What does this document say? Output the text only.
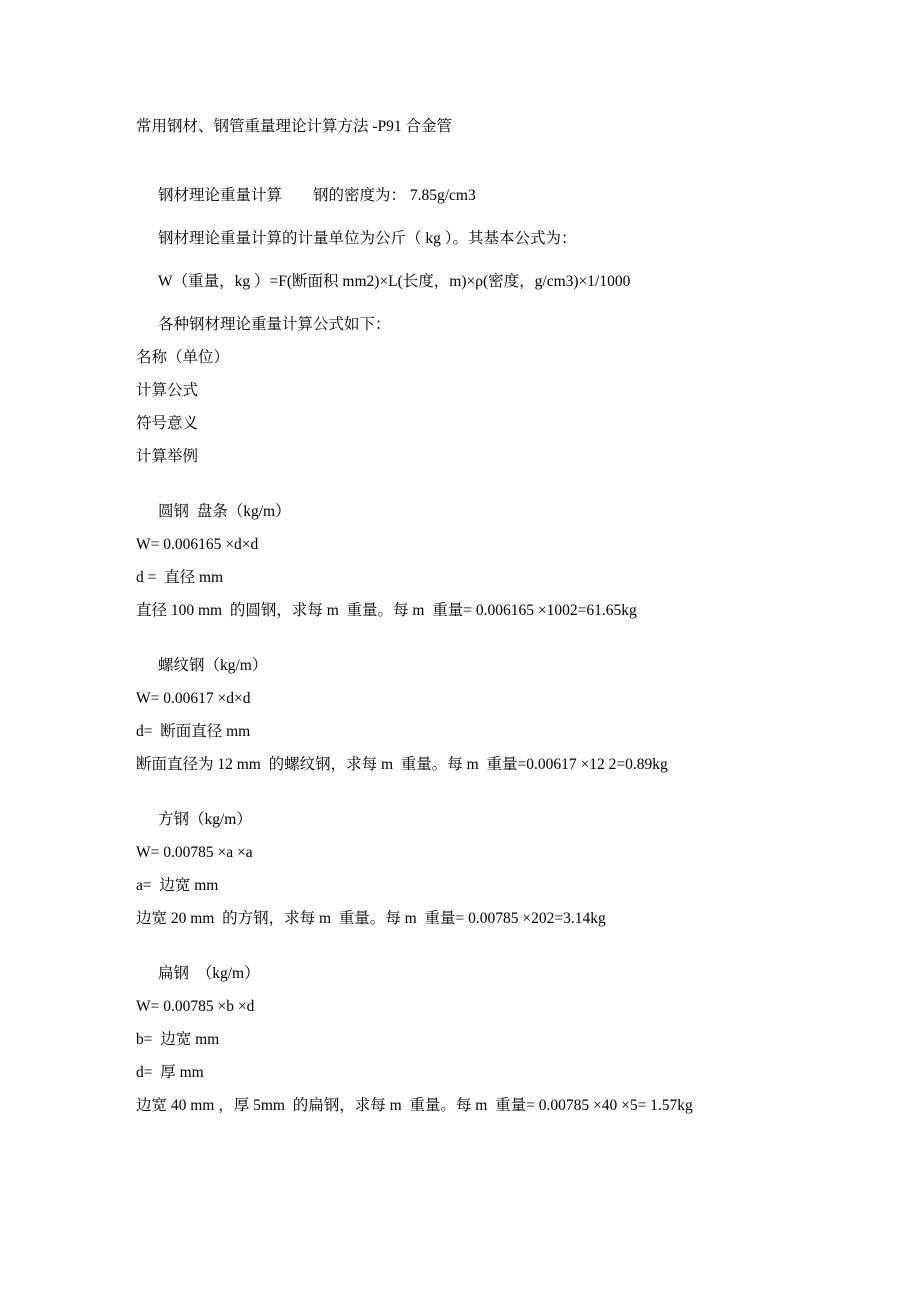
常用钢材、钢管重量理论计算方法 -P91 合金管
钢材理论重量计算        钢的密度为： 7.85g/cm3
钢材理论重量计算的计量单位为公斤（ kg ）。其基本公式为：
W（重量，kg ）=F(断面积 mm2)×L(长度，m)×ρ(密度，g/cm3)×1/1000
各种钢材理论重量计算公式如下：
名称（单位）
计算公式
符号意义
计算举例
圆钢  盘条（kg/m）
W= 0.006165 ×d×d
d =  直径 mm
直径 100 mm  的圆钢，求每 m  重量。每 m  重量= 0.006165 ×1002=61.65kg
螺纹钢（kg/m）
W= 0.00617 ×d×d
d=  断面直径 mm
断面直径为 12 mm  的螺纹钢，求每 m  重量。每 m  重量=0.00617 ×12 2=0.89kg
方钢（kg/m）
W= 0.00785 ×a ×a
a=  边宽 mm
边宽 20 mm  的方钢，求每 m  重量。每 m  重量= 0.00785 ×202=3.14kg
扁钢  （kg/m）
W= 0.00785 ×b ×d
b=  边宽 mm
d=  厚 mm
边宽 40 mm ，厚 5mm  的扁钢，求每 m  重量。每 m  重量= 0.00785 ×40 ×5= 1.57kg
